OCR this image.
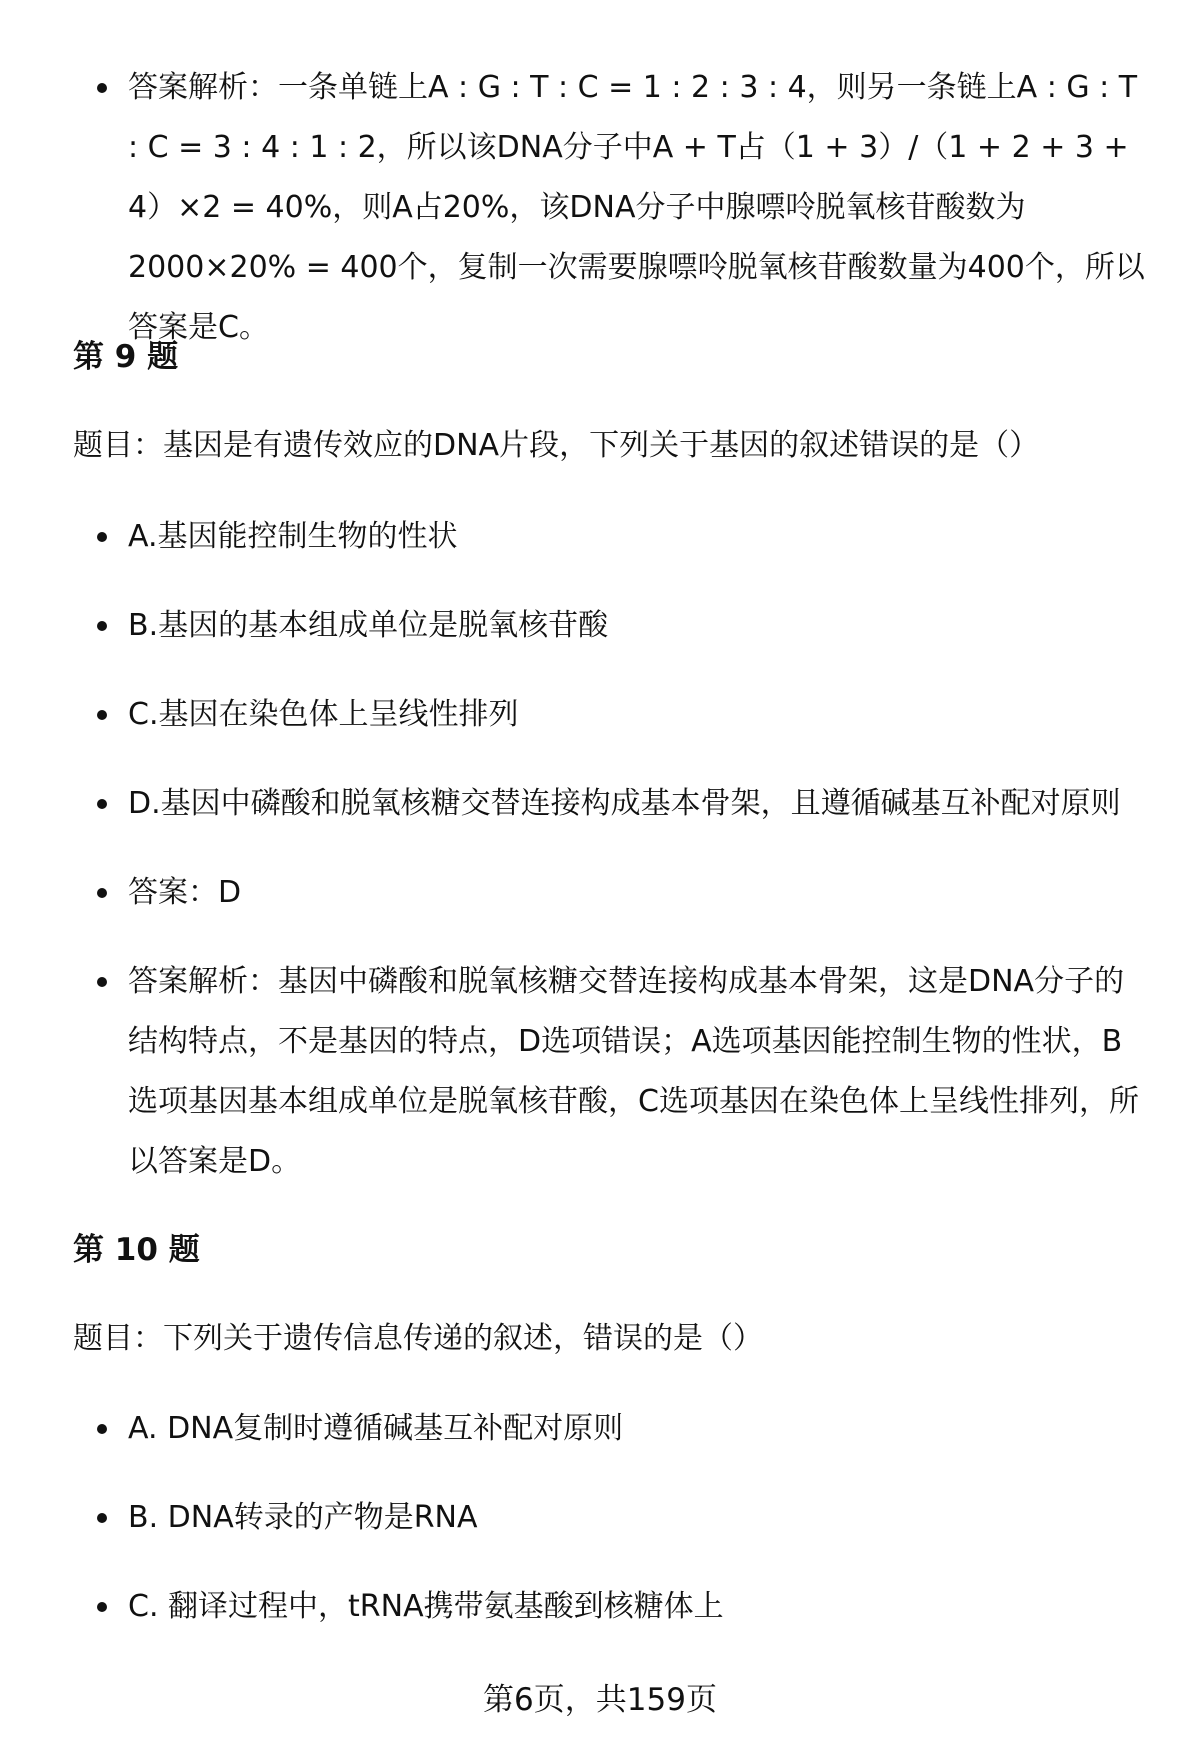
答案解析：一条单链上A : G : T : C = 1 : 2 : 3 : 4，则另一条链上A : G : T : C = 3 : 4 : 1 : 2，所以该DNA分子中A + T占（1 + 3）/（1 + 2 + 3 + 4）×2 = 40%，则A占20%，该DNA分子中腺嘌呤脱氧核苷酸数为2000×20% = 400个，复制一次需要腺嘌呤脱氧核苷酸数量为400个，所以答案是C。
第 9 题
题目：基因是有遗传效应的DNA片段，下列关于基因的叙述错误的是（）
A.基因能控制生物的性状
B.基因的基本组成单位是脱氧核苷酸
C.基因在染色体上呈线性排列
D.基因中磷酸和脱氧核糖交替连接构成基本骨架，且遵循碱基互补配对原则
答案：D
答案解析：基因中磷酸和脱氧核糖交替连接构成基本骨架，这是DNA分子的结构特点，不是基因的特点，D选项错误；A选项基因能控制生物的性状，B选项基因基本组成单位是脱氧核苷酸，C选项基因在染色体上呈线性排列，所以答案是D。
第 10 题
题目：下列关于遗传信息传递的叙述，错误的是（）
A. DNA复制时遵循碱基互补配对原则
B. DNA转录的产物是RNA
C. 翻译过程中，tRNA携带氨基酸到核糖体上
第6页，共159页
